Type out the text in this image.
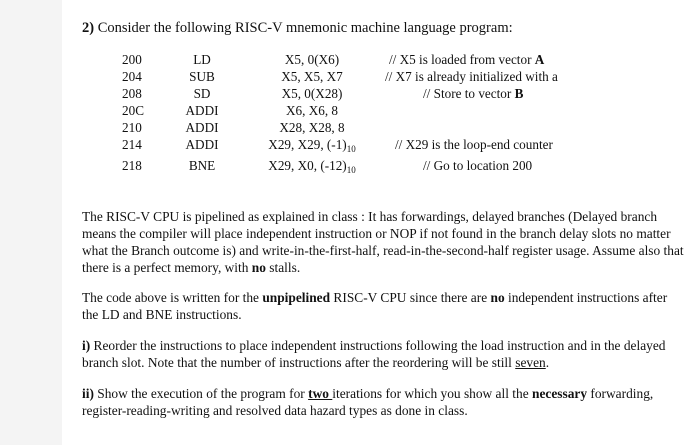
2) Consider the following RISC-V mnemonic machine language program:
200	LD	X5, 0(X6)	// X5 is loaded from vector A
204	SUB	X5, X5, X7	// X7 is already initialized with a
208	SD	X5, 0(X28)	// Store to vector B
20C	ADDI	X6, X6, 8
210	ADDI	X28, X28, 8
214	ADDI	X29, X29, $(-1)_{10}$	// X29 is the loop-end counter
218	BNE	X29, X0, $(-12)_{10}$	// Go to location 200

The RISC-V CPU is pipelined as explained in class : It has forwardings, delayed branches (Delayed branch means the compiler will place independent instruction or NOP if not found in the branch delay slots no matter what the Branch outcome is) and write-in-the-first-half, read-in-the-second-half register usage. Assume also that there is a perfect memory, with no stalls.

The code above is written for the unpipelined RISC-V CPU since there are no independent instructions after the LD and BNE instructions.

i) Reorder the instructions to place independent instructions following the load instruction and in the delayed branch slot. Note that the number of instructions after the reordering will be still seven.

ii) Show the execution of the program for two iterations for which you show all the necessary forwarding, register-reading-writing and resolved data hazard types as done in class.
